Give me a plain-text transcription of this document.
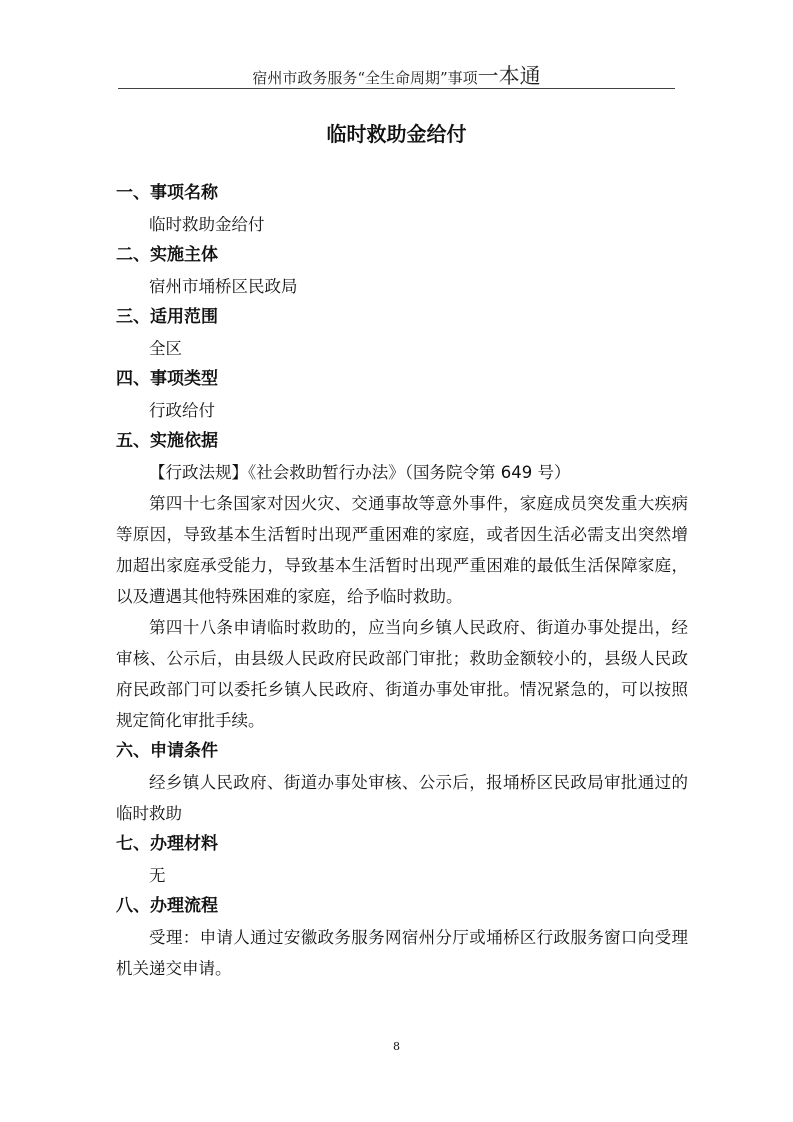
宿州市政务服务“全生命周期”事项一本通
临时救助金给付
一、事项名称

临时救助金给付

二、实施主体

宿州市埇桥区民政局

三、适用范围

全区

四、事项类型

行政给付

五、实施依据

【行政法规】《社会救助暂行办法》（国务院令第 649 号）

第四十七条国家对因火灾、交通事故等意外事件，家庭成员突发重大疾病等原因，导致基本生活暂时出现严重困难的家庭，或者因生活必需支出突然增加超出家庭承受能力，导致基本生活暂时出现严重困难的最低生活保障家庭，以及遭遇其他特殊困难的家庭，给予临时救助。

第四十八条申请临时救助的，应当向乡镇人民政府、街道办事处提出，经审核、公示后，由县级人民政府民政部门审批；救助金额较小的，县级人民政府民政部门可以委托乡镇人民政府、街道办事处审批。情况紧急的，可以按照规定简化审批手续。

六、申请条件

经乡镇人民政府、街道办事处审核、公示后，报埇桥区民政局审批通过的临时救助

七、办理材料

无

八、办理流程

受理：申请人通过安徽政务服务网宿州分厅或埇桥区行政服务窗口向受理机关递交申请。

8
